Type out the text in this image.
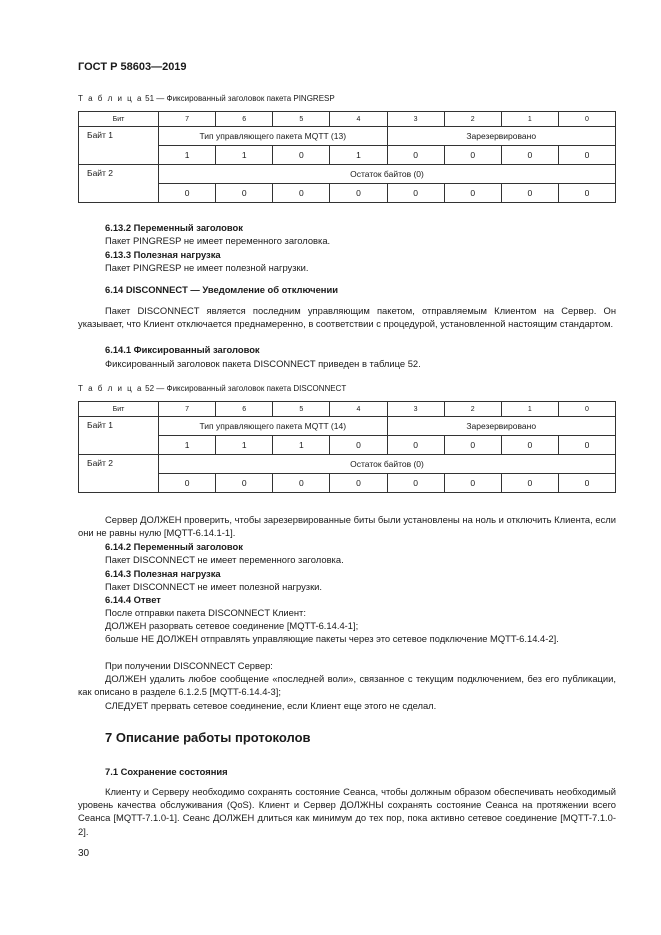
ГОСТ Р 58603—2019
Т а б л и ц а 51 — Фиксированный заголовок пакета PINGRESP
Бит	7	6	5	4	3	2	1	0
Байт 1	Тип управляющего пакета MQTT (13)				Зарезервировано			
	1	1	0	1	0	0	0	0
Байт 2	Остаток байтов (0)							
	0	0	0	0	0	0	0	0
6.13.2 Переменный заголовок
Пакет PINGRESP не имеет переменного заголовка.
6.13.3 Полезная нагрузка
Пакет PINGRESP не имеет полезной нагрузки.
6.14 DISCONNECT — Уведомление об отключении
Пакет DISCONNECT является последним управляющим пакетом, отправляемым Клиентом на Сервер. Он указывает, что Клиент отключается преднамеренно, в соответствии с процедурой, установленной настоящим стандартом.
6.14.1 Фиксированный заголовок
Фиксированный заголовок пакета DISCONNECT приведен в таблице 52.
Т а б л и ц а 52 — Фиксированный заголовок пакета DISCONNECT
Бит	7	6	5	4	3	2	1	0
Байт 1	Тип управляющего пакета MQTT (14)				Зарезервировано			
	1	1	1	0	0	0	0	0
Байт 2	Остаток байтов (0)							
	0	0	0	0	0	0	0	0
Сервер ДОЛЖЕН проверить, чтобы зарезервированные биты были установлены на ноль и отключить Клиента, если они не равны нулю [MQTT-6.14.1-1].
6.14.2 Переменный заголовок
Пакет DISCONNECT не имеет переменного заголовка.
6.14.3 Полезная нагрузка
Пакет DISCONNECT не имеет полезной нагрузки.
6.14.4 Ответ
После отправки пакета DISCONNECT Клиент:
ДОЛЖЕН разорвать сетевое соединение [MQTT-6.14.4-1];
больше НЕ ДОЛЖЕН отправлять управляющие пакеты через это сетевое подключение MQTT-6.14.4-2].
При получении DISCONNECT Сервер:
ДОЛЖЕН удалить любое сообщение «последней воли», связанное с текущим подключением, без его публикации, как описано в разделе 6.1.2.5 [MQTT-6.14.4-3];
СЛЕДУЕТ прервать сетевое соединение, если Клиент еще этого не сделал.
7 Описание работы протоколов
7.1 Сохранение состояния
Клиенту и Серверу необходимо сохранять состояние Сеанса, чтобы должным образом обеспечивать необходимый уровень качества обслуживания (QoS). Клиент и Сервер ДОЛЖНЫ сохранять состояние Сеанса на протяжении всего Сеанса [MQTT-7.1.0-1]. Сеанс ДОЛЖЕН длиться как минимум до тех пор, пока активно сетевое соединение [MQTT-7.1.0-2].
30
